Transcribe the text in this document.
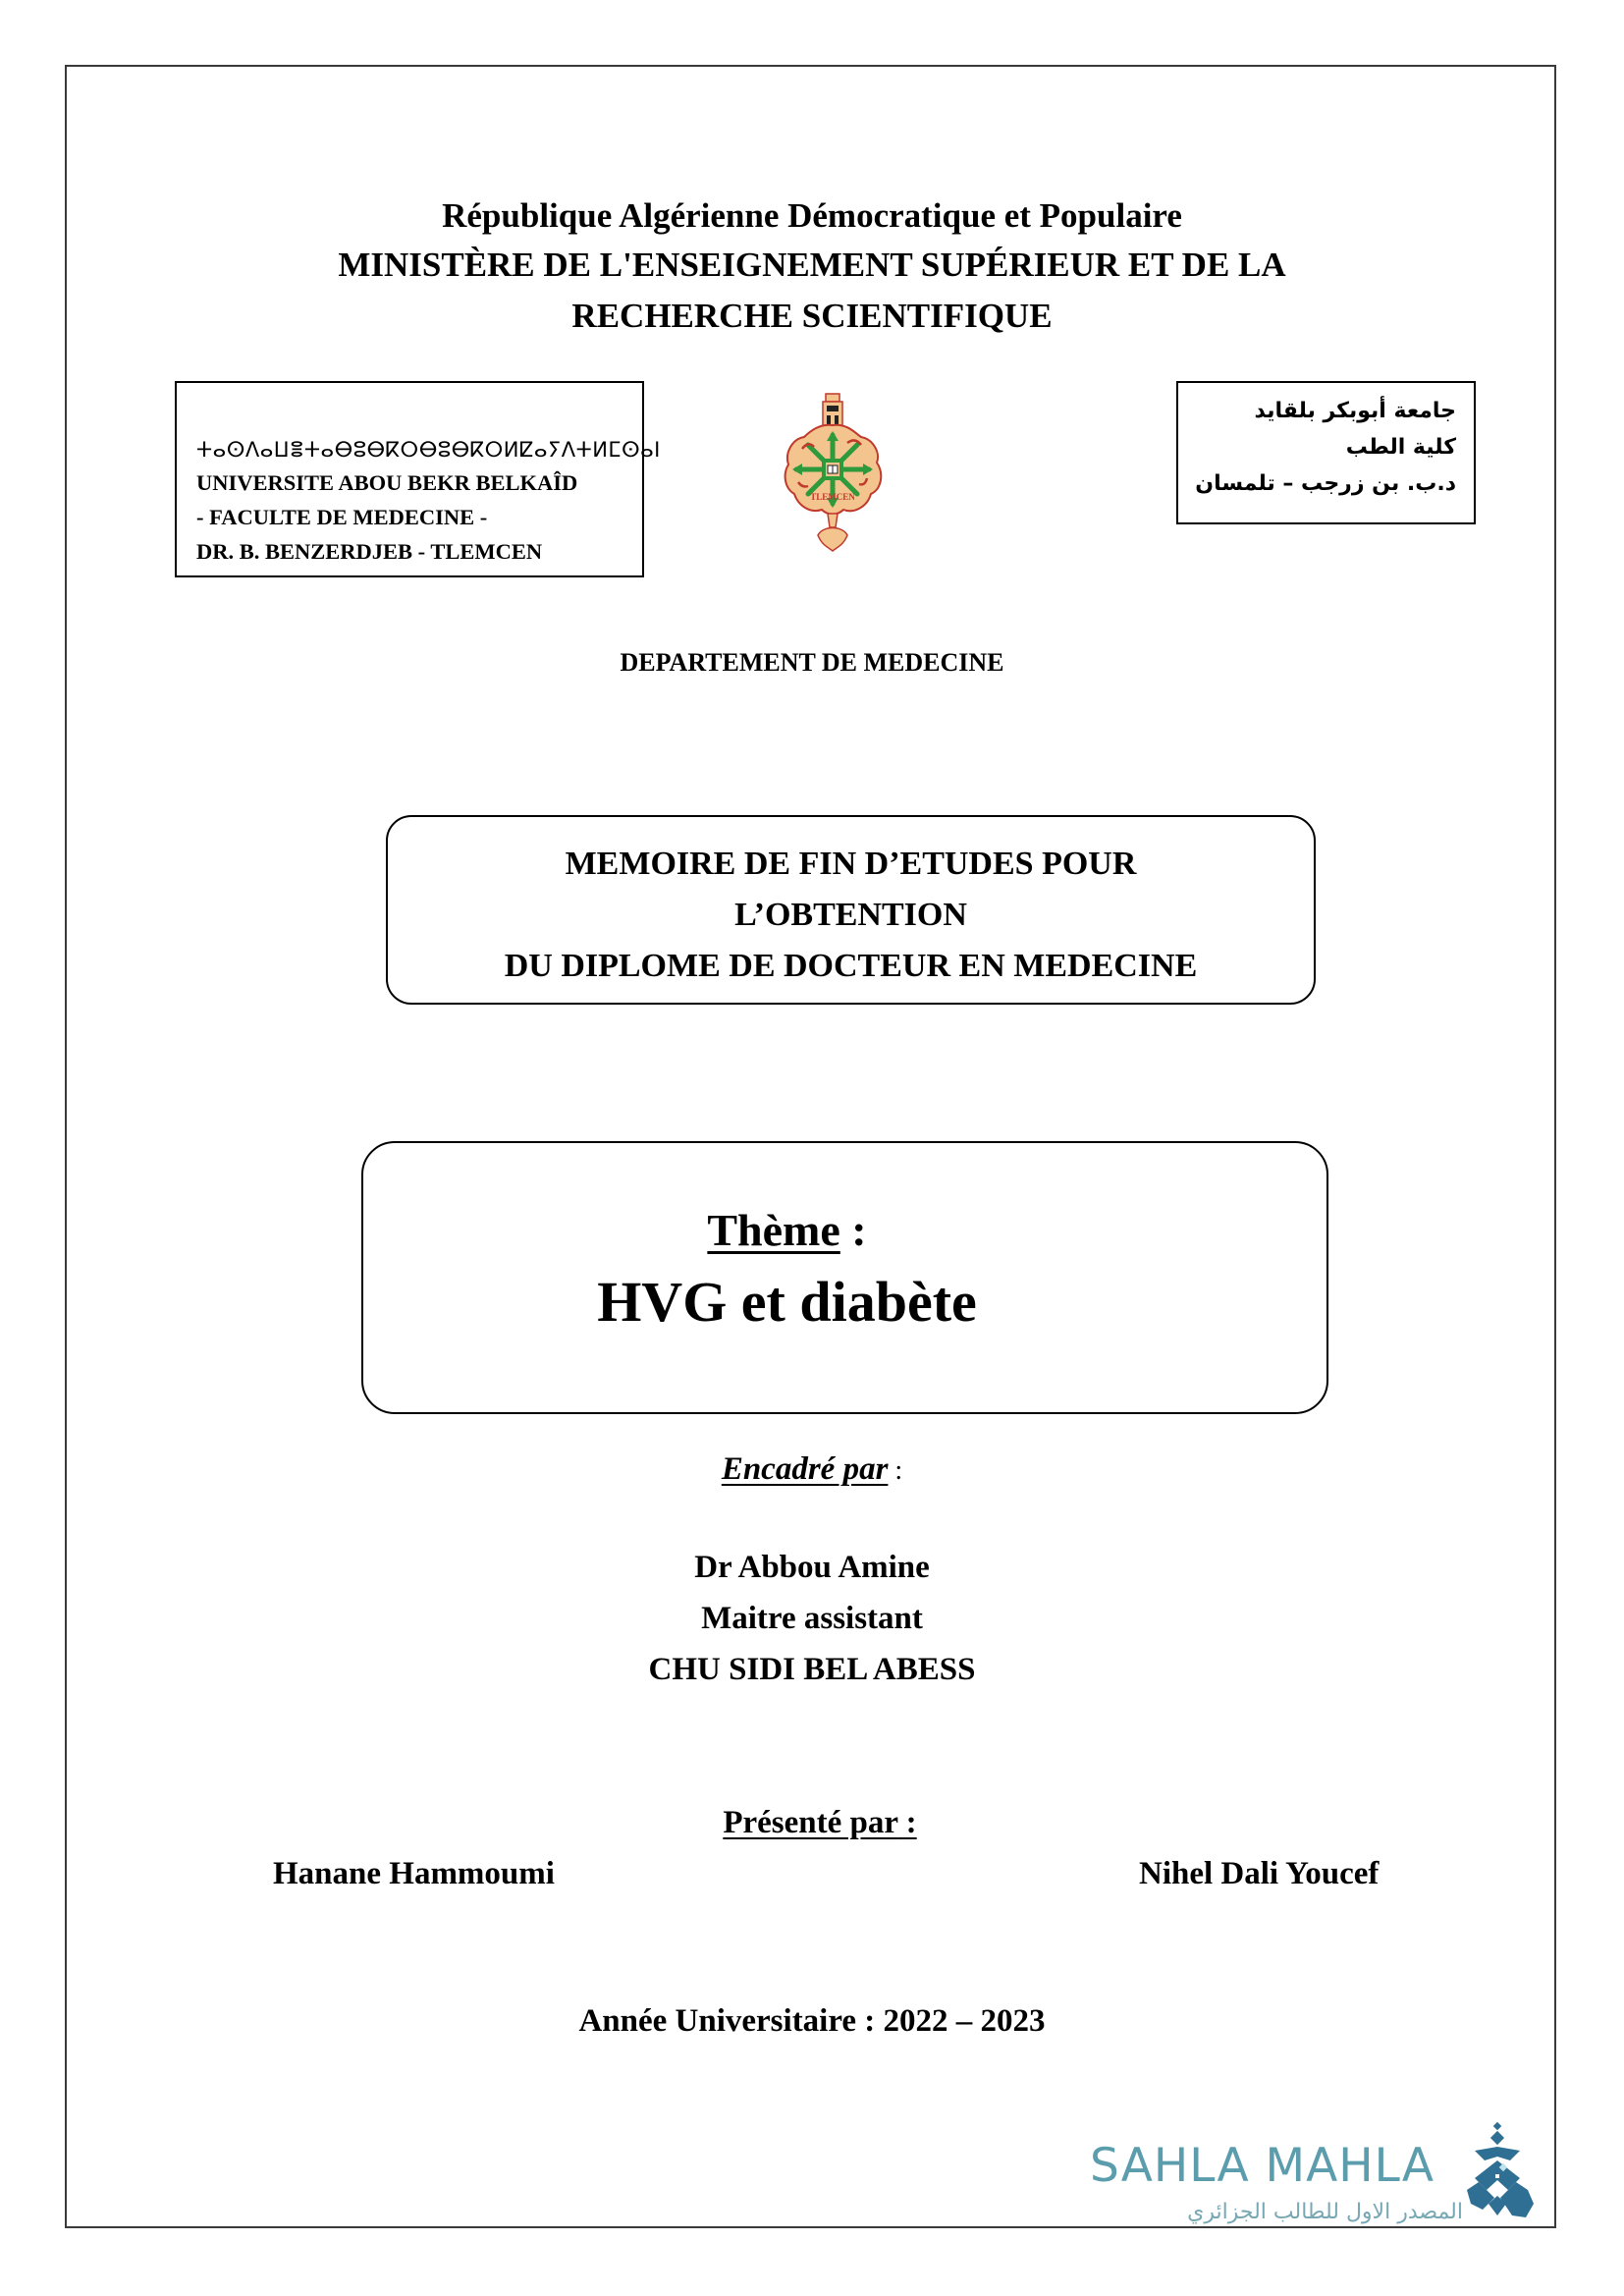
République Algérienne Démocratique et Populaire
MINISTÈRE DE L'ENSEIGNEMENT SUPÉRIEUR ET DE LA
RECHERCHE SCIENTIFIQUE
ⵜⴰⵙⴷⴰⵡⴻⵜⴰⴱⵓⴱⴽⵔⴱⵓⴱⴽⵔⵍⵇⴰⵢⴷⵜⵍⵎⵙⴰⵏ
UNIVERSITE ABOU BEKR BELKAÎD
- FACULTE DE MEDECINE -
DR. B. BENZERDJEB - TLEMCEN
TLEMCEN
جامعة أبوبكر بلقايد
كلية الطب
د.ب. بن زرجب – تلمسان
DEPARTEMENT DE MEDECINE
MEMOIRE DE FIN D’ETUDES POUR
L’OBTENTION
DU DIPLOME DE DOCTEUR EN MEDECINE
Thème :
HVG et diabète
Encadré par :
Dr Abbou Amine
Maitre assistant
CHU SIDI BEL ABESS
Présenté par :
Hanane Hammoumi	Nihel Dali Youcef
Année Universitaire : 2022 – 2023
SAHLA MAHLA
المصدر الاول للطالب الجزائري
